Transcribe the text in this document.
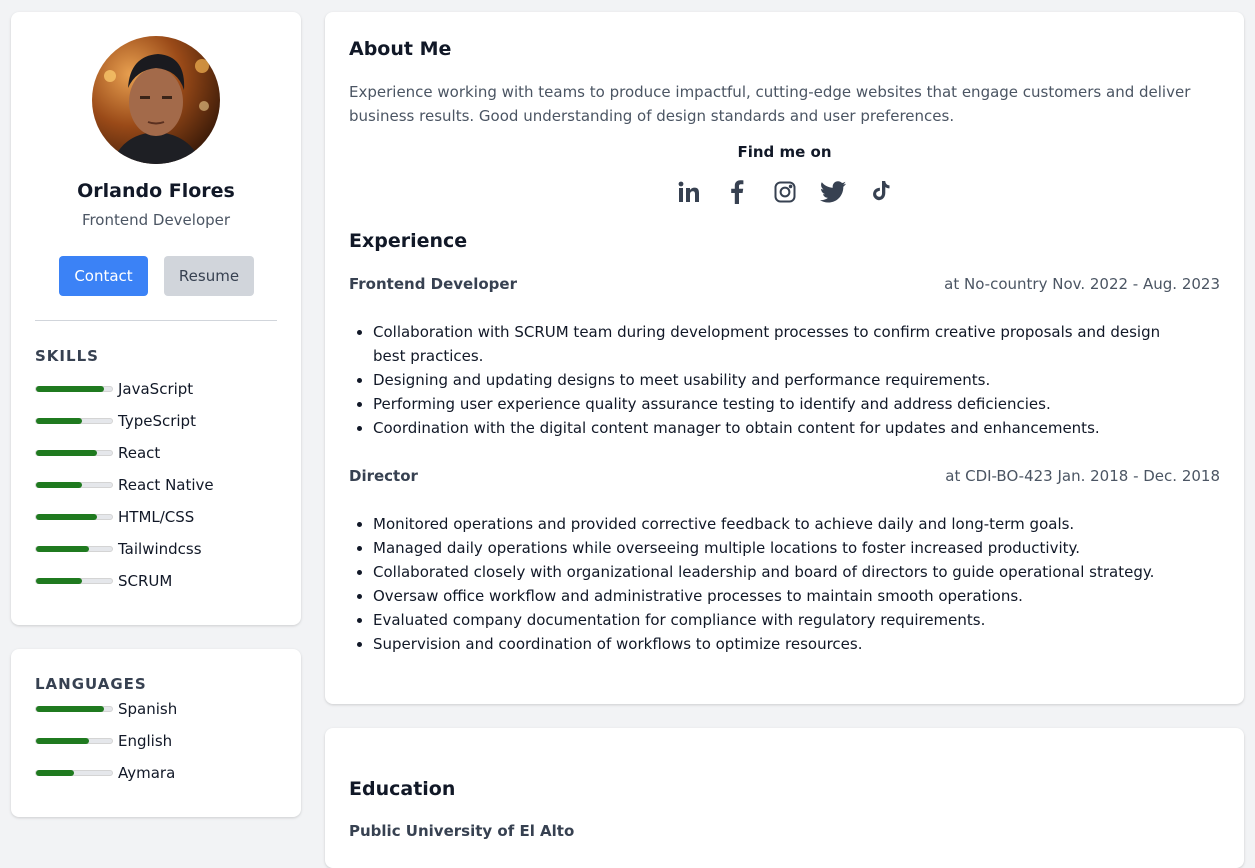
Orlando Flores
Frontend Developer
Contact	Resume
SKILLS
JavaScript
TypeScript
React
React Native
HTML/CSS
Tailwindcss
SCRUM
LANGUAGES
Spanish
English
Aymara
About Me
Experience working with teams to produce impactful, cutting-edge websites that engage customers and deliver business results. Good understanding of design standards and user preferences.
Find me on
Experience
Frontend Developer	at No-country Nov. 2022 - Aug. 2023
• Collaboration with SCRUM team during development processes to confirm creative proposals and design best practices.
• Designing and updating designs to meet usability and performance requirements.
• Performing user experience quality assurance testing to identify and address deficiencies.
• Coordination with the digital content manager to obtain content for updates and enhancements.
Director	at CDI-BO-423 Jan. 2018 - Dec. 2018
• Monitored operations and provided corrective feedback to achieve daily and long-term goals.
• Managed daily operations while overseeing multiple locations to foster increased productivity.
• Collaborated closely with organizational leadership and board of directors to guide operational strategy.
• Oversaw office workflow and administrative processes to maintain smooth operations.
• Evaluated company documentation for compliance with regulatory requirements.
• Supervision and coordination of workflows to optimize resources.
Education
Public University of El Alto
